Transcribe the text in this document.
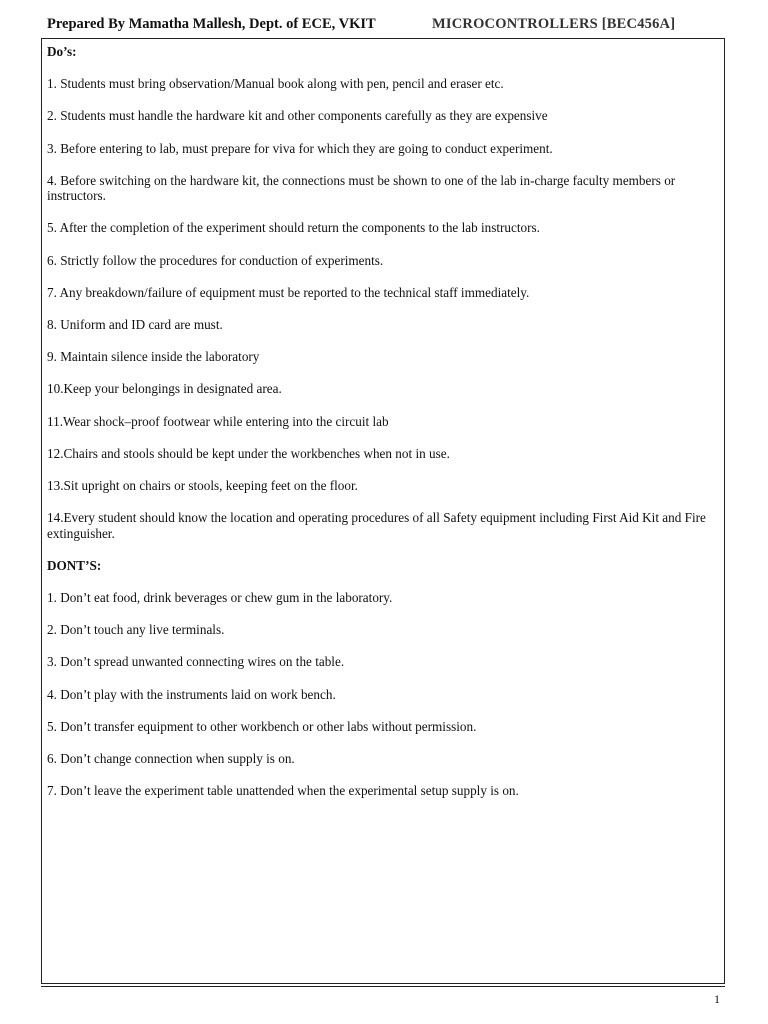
Prepared By Mamatha Mallesh, Dept. of ECE, VKIT	MICROCONTROLLERS [BEC456A]
Do’s:
1. Students must bring observation/Manual book along with pen, pencil and eraser etc.
2. Students must handle the hardware kit and other components carefully as they are expensive
3. Before entering to lab, must prepare for viva for which they are going to conduct experiment.
4. Before switching on the hardware kit, the connections must be shown to one of the lab in-charge faculty members or instructors.
5. After the completion of the experiment should return the components to the lab instructors.
6. Strictly follow the procedures for conduction of experiments.
7. Any breakdown/failure of equipment must be reported to the technical staff immediately.
8. Uniform and ID card are must.
9. Maintain silence inside the laboratory
10.Keep your belongings in designated area.
11.Wear shock–proof footwear while entering into the circuit lab
12.Chairs and stools should be kept under the workbenches when not in use.
13.Sit upright on chairs or stools, keeping feet on the floor.
14.Every student should know the location and operating procedures of all Safety equipment including First Aid Kit and Fire extinguisher.
DONT’S:
1. Don’t eat food, drink beverages or chew gum in the laboratory.
2. Don’t touch any live terminals.
3. Don’t spread unwanted connecting wires on the table.
4. Don’t play with the instruments laid on work bench.
5. Don’t transfer equipment to other workbench or other labs without permission.
6. Don’t change connection when supply is on.
7. Don’t leave the experiment table unattended when the experimental setup supply is on.
1
